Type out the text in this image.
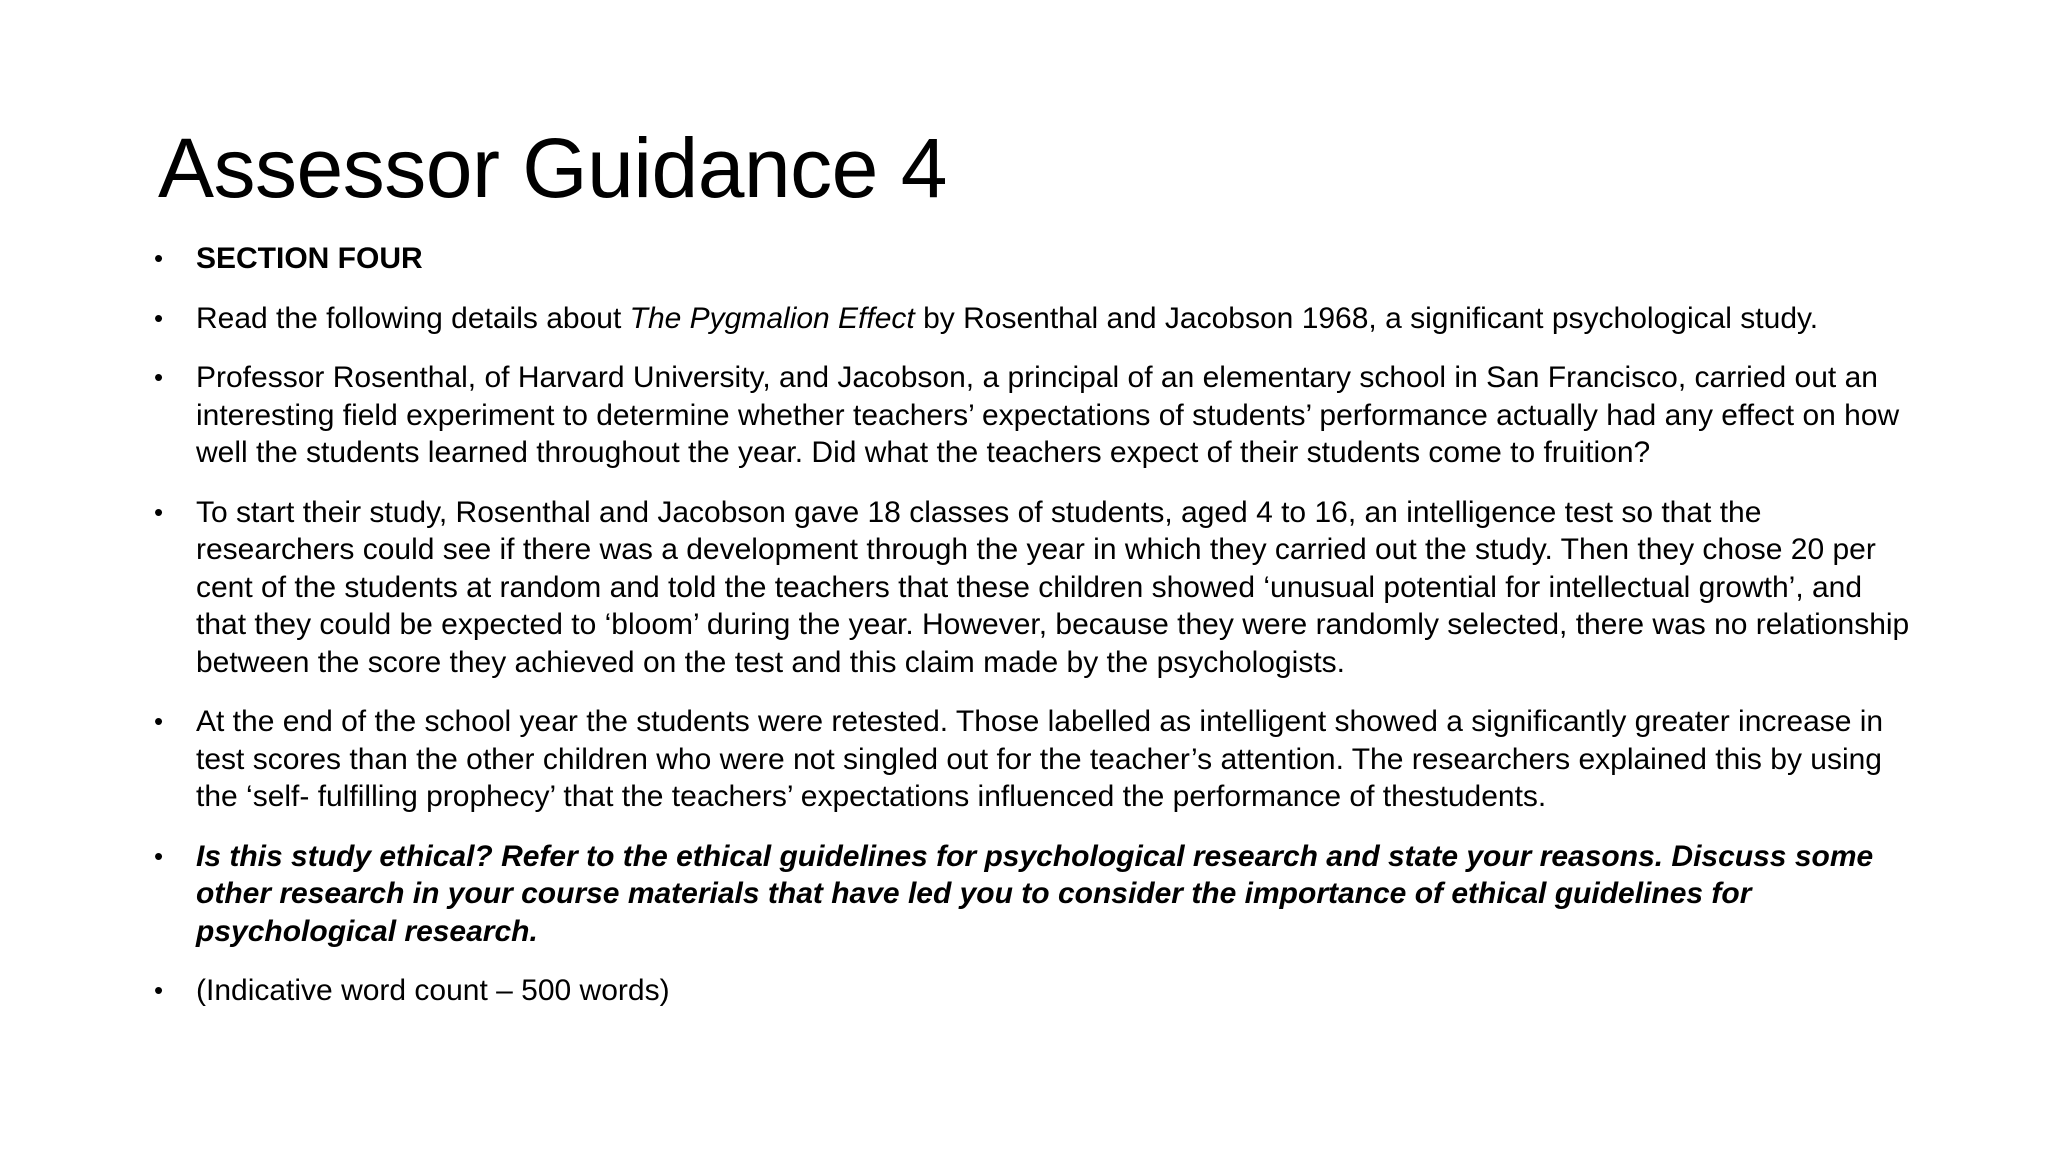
Assessor Guidance 4
• SECTION FOUR
• Read the following details about The Pygmalion Effect by Rosenthal and Jacobson 1968, a significant psychological study.
• Professor Rosenthal, of Harvard University, and Jacobson, a principal of an elementary school in San Francisco, carried out an interesting field experiment to determine whether teachers’ expectations of students’ performance actually had any effect on how well the students learned throughout the year. Did what the teachers expect of their students come to fruition?
• To start their study, Rosenthal and Jacobson gave 18 classes of students, aged 4 to 16, an intelligence test so that the researchers could see if there was a development through the year in which they carried out the study. Then they chose 20 per cent of the students at random and told the teachers that these children showed ‘unusual potential for intellectual growth’, and that they could be expected to ‘bloom’ during the year. However, because they were randomly selected, there was no relationship between the score they achieved on the test and this claim made by the psychologists.
• At the end of the school year the students were retested. Those labelled as intelligent showed a significantly greater increase in test scores than the other children who were not singled out for the teacher’s attention. The researchers explained this by using the ‘self- fulfilling prophecy’ that the teachers’ expectations influenced the performance of thestudents.
• Is this study ethical? Refer to the ethical guidelines for psychological research and state your reasons. Discuss some other research in your course materials that have led you to consider the importance of ethical guidelines for psychological research.
• (Indicative word count – 500 words)
